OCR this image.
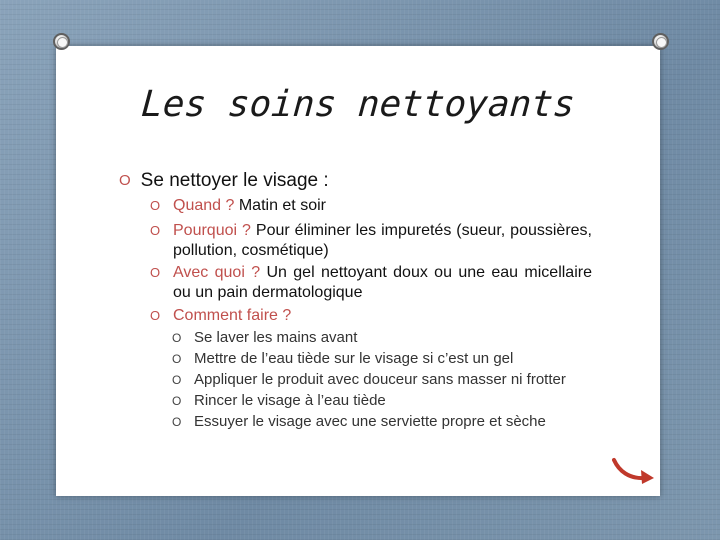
Les soins nettoyants
O Se nettoyer le visage :
O Quand ? Matin et soir
O Pourquoi ? Pour éliminer les impuretés (sueur, poussières, pollution, cosmétique)
O Avec quoi ? Un gel nettoyant doux ou une eau micellaire ou un pain dermatologique
O Comment faire ?
O Se laver les mains avant
O Mettre de l’eau tiède sur le visage si c’est un gel
O Appliquer le produit avec douceur sans masser ni frotter
O Rincer le visage à l’eau tiède
O Essuyer le visage avec une serviette propre et sèche
